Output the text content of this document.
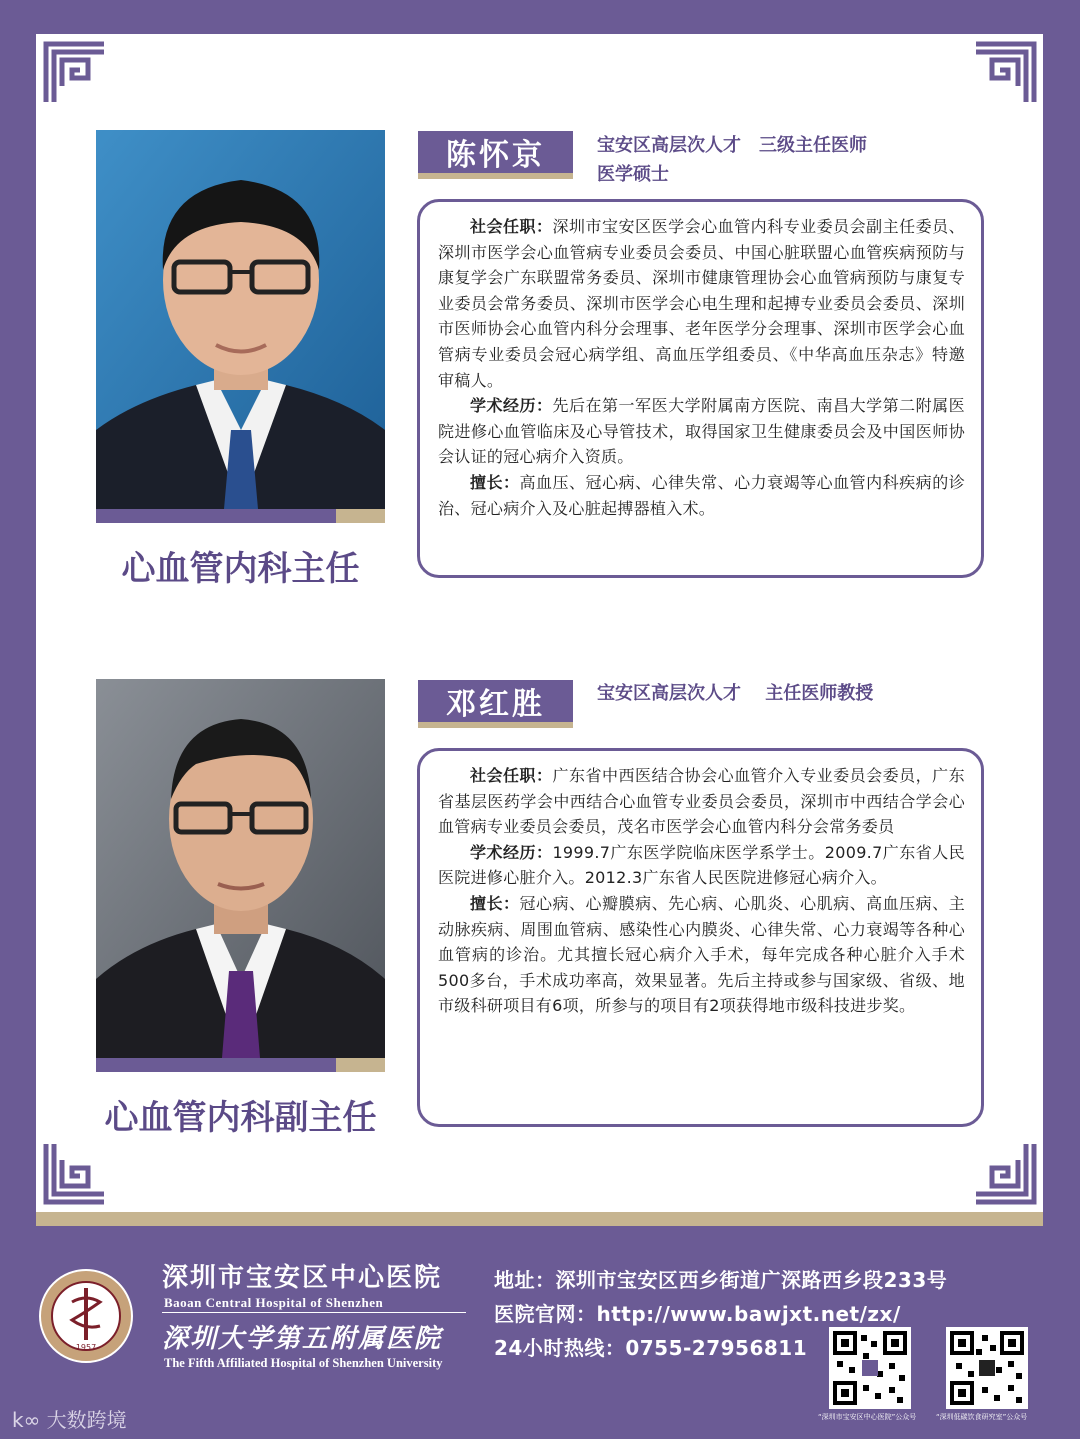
心血管内科主任
陈怀京	宝安区高层次人才　三级主任医师
医学硕士

社会任职：深圳市宝安区医学会心血管内科专业委员会副主任委员、深圳市医学会心血管病专业委员会委员、中国心脏联盟心血管疾病预防与康复学会广东联盟常务委员、深圳市健康管理协会心血管病预防与康复专业委员会常务委员、深圳市医学会心电生理和起搏专业委员会委员、深圳市医师协会心血管内科分会理事、老年医学分会理事、深圳市医学会心血管病专业委员会冠心病学组、高血压学组委员、《中华高血压杂志》特邀审稿人。

学术经历：先后在第一军医大学附属南方医院、南昌大学第二附属医院进修心血管临床及心导管技术，取得国家卫生健康委员会及中国医师协会认证的冠心病介入资质。

擅长：高血压、冠心病、心律失常、心力衰竭等心血管内科疾病的诊治、冠心病介入及心脏起搏器植入术。

心血管内科副主任
邓红胜	宝安区高层次人才　 主任医师教授

社会任职：广东省中西医结合协会心血管介入专业委员会委员，广东省基层医药学会中西结合心血管专业委员会委员，深圳市中西结合学会心血管病专业委员会委员，茂名市医学会心血管内科分会常务委员

学术经历：1999.7广东医学院临床医学系学士。2009.7广东省人民医院进修心脏介入。2012.3广东省人民医院进修冠心病介入。

擅长：冠心病、心瓣膜病、先心病、心肌炎、心肌病、高血压病、主动脉疾病、周围血管病、感染性心内膜炎、心律失常、心力衰竭等各种心血管病的诊治。尤其擅长冠心病介入手术，每年完成各种心脏介入手术500多台，手术成功率高，效果显著。先后主持或参与国家级、省级、地市级科研项目有6项，所参与的项目有2项获得地市级科技进步奖。

1957
深圳市宝安区中心医院
Baoan Central Hospital of Shenzhen
深圳大学第五附属医院
The Fifth Affiliated Hospital of Shenzhen University
地址：深圳市宝安区西乡街道广深路西乡段233号
医院官网：http://www.bawjxt.net/zx/
24小时热线：0755-27956811
“深圳市宝安区中心医院”公众号	“深圳低碳饮食研究室”公众号
k∞ 大数跨境
